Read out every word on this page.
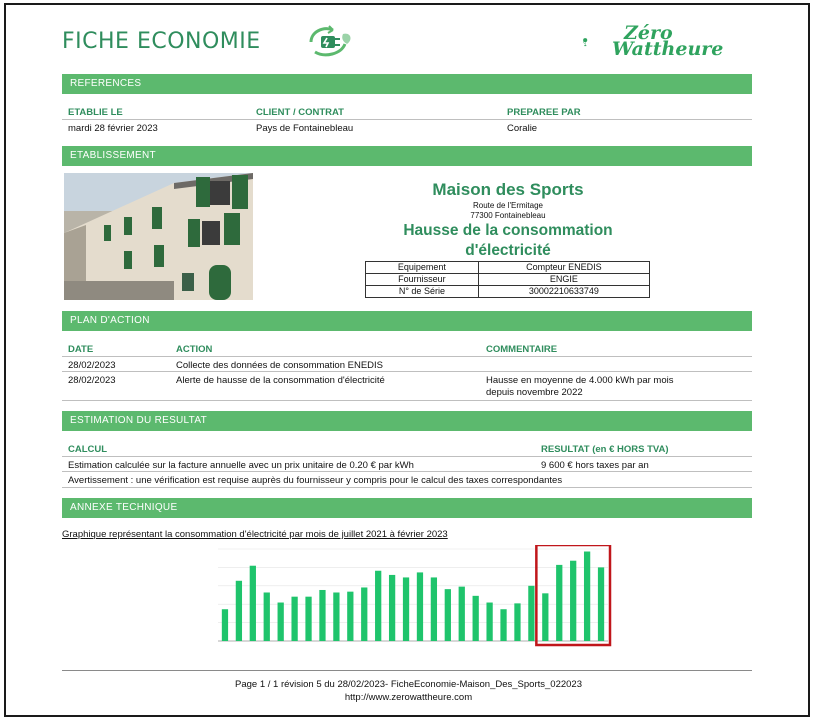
FICHE ECONOMIE	Zéro
Wattheure
REFERENCES
ETABLIE LE	CLIENT / CONTRAT	PREPAREE PAR
mardi 28 février 2023	Pays de Fontainebleau	Coralie
ETABLISSEMENT
Maison des Sports
Route de l'Ermitage
77300 Fontainebleau
Hausse de la consommation
d'électricité
Equipement	Compteur ENEDIS
Fournisseur	ENGIE
N° de Série	30002210633749
PLAN D'ACTION
DATE	ACTION	COMMENTAIRE
28/02/2023	Collecte des données de consommation ENEDIS
28/02/2023	Alerte de hausse de la consommation d'électricité	Hausse en moyenne de 4.000 kWh par mois
depuis novembre 2022
ESTIMATION DU RESULTAT
CALCUL	RESULTAT (en € HORS TVA)
Estimation calculée sur la facture annuelle avec un prix unitaire de 0.20 € par kWh	9 600 € hors taxes par an
Avertissement : une vérification est requise auprès du fournisseur y compris pour le calcul des taxes correspondantes
ANNEXE TECHNIQUE
Graphique représentant la consommation d'électricité par mois de juillet 2021 à février 2023
Page 1 / 1 révision 5 du 28/02/2023- FicheEconomie-Maison_Des_Sports_022023
http://www.zerowattheure.com
